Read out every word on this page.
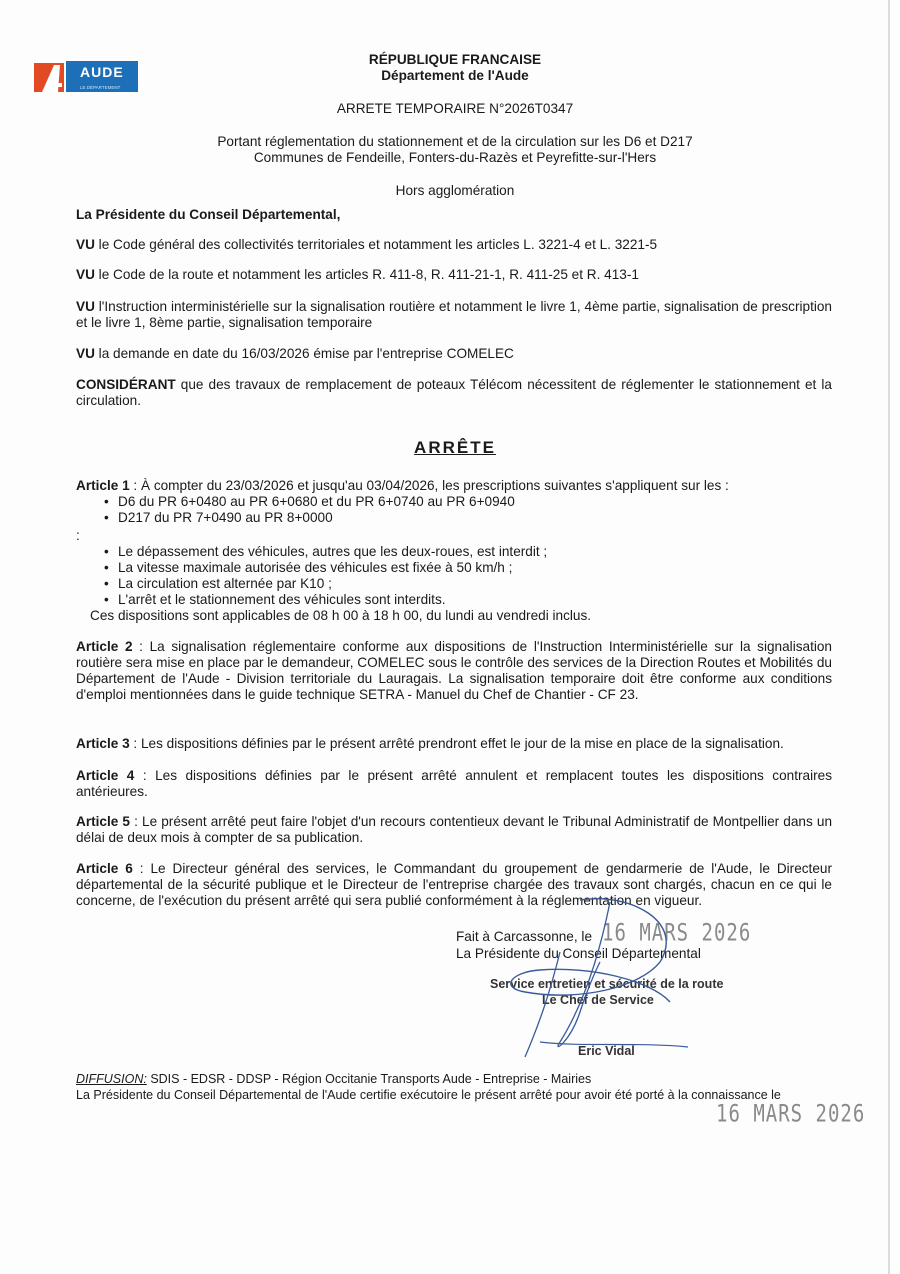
AUDE
LE DÉPARTEMENT
RÉPUBLIQUE FRANCAISE
Département de l'Aude
ARRETE TEMPORAIRE N°2026T0347
Portant réglementation du stationnement et de la circulation sur les D6 et D217
Communes de Fendeille, Fonters-du-Razès et Peyrefitte-sur-l'Hers
Hors agglomération
La Présidente du Conseil Départemental,
VU le Code général des collectivités territoriales et notamment les articles L. 3221-4 et L. 3221-5
VU le Code de la route et notamment les articles R. 411-8, R. 411-21-1, R. 411-25 et R. 413-1
VU l'Instruction interministérielle sur la signalisation routière et notamment le livre 1, 4ème partie, signalisation de prescription et le livre 1, 8ème partie, signalisation temporaire
VU la demande en date du 16/03/2026 émise par l'entreprise COMELEC
CONSIDÉRANT que des travaux de remplacement de poteaux Télécom nécessitent de réglementer le stationnement et la circulation.
ARRÊTE
Article 1 : À compter du 23/03/2026 et jusqu'au 03/04/2026, les prescriptions suivantes s'appliquent sur les :
• D6 du PR 6+0480 au PR 6+0680 et du PR 6+0740 au PR 6+0940
• D217 du PR 7+0490 au PR 8+0000
:
• Le dépassement des véhicules, autres que les deux-roues, est interdit ;
• La vitesse maximale autorisée des véhicules est fixée à 50 km/h ;
• La circulation est alternée par K10 ;
• L'arrêt et le stationnement des véhicules sont interdits.
Ces dispositions sont applicables de 08 h 00 à 18 h 00, du lundi au vendredi inclus.
Article 2 : La signalisation réglementaire conforme aux dispositions de l'Instruction Interministérielle sur la signalisation routière sera mise en place par le demandeur, COMELEC sous le contrôle des services de la Direction Routes et Mobilités du Département de l'Aude - Division territoriale du Lauragais. La signalisation temporaire doit être conforme aux conditions d'emploi mentionnées dans le guide technique SETRA - Manuel du Chef de Chantier - CF 23.
Article 3 : Les dispositions définies par le présent arrêté prendront effet le jour de la mise en place de la signalisation.
Article 4 : Les dispositions définies par le présent arrêté annulent et remplacent toutes les dispositions contraires antérieures.
Article 5 : Le présent arrêté peut faire l'objet d'un recours contentieux devant le Tribunal Administratif de Montpellier dans un délai de deux mois à compter de sa publication.
Article 6 : Le Directeur général des services, le Commandant du groupement de gendarmerie de l'Aude, le Directeur départemental de la sécurité publique et le Directeur de l'entreprise chargée des travaux sont chargés, chacun en ce qui le concerne, de l'exécution du présent arrêté qui sera publié conformément à la réglementation en vigueur.
Fait à Carcassonne, le 16 MARS 2026
La Présidente du Conseil Départemental
Service entretien et sécurité de la route
Le Chef de Service
Eric Vidal
DIFFUSION: SDIS - EDSR - DDSP - Région Occitanie Transports Aude - Entreprise - Mairies
La Présidente du Conseil Départemental de l'Aude certifie exécutoire le présent arrêté pour avoir été porté à la connaissance le
16 MARS 2026
